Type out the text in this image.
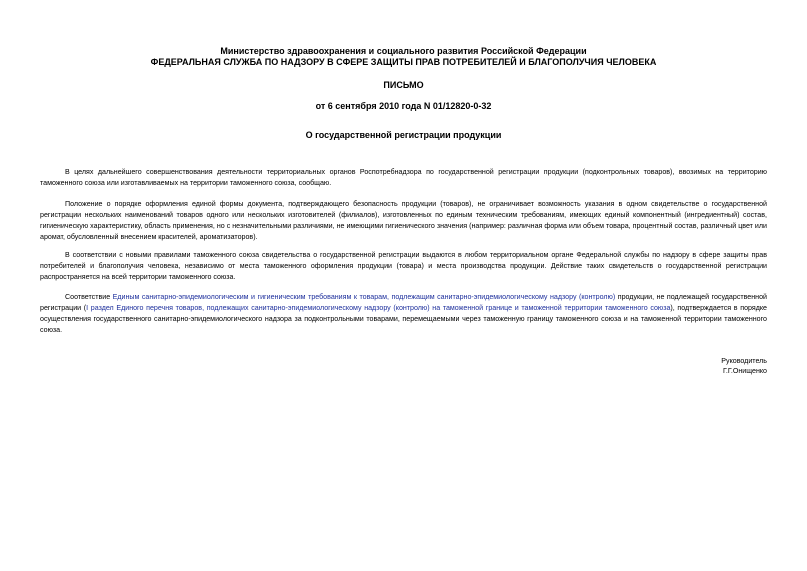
Министерство здравоохранения и социального развития Российской Федерации
ФЕДЕРАЛЬНАЯ СЛУЖБА ПО НАДЗОРУ В СФЕРЕ ЗАЩИТЫ ПРАВ ПОТРЕБИТЕЛЕЙ И БЛАГОПОЛУЧИЯ ЧЕЛОВЕКА
ПИСЬМО
от 6 сентября 2010 года N 01/12820-0-32
О государственной регистрации продукции

В целях дальнейшего совершенствования деятельности территориальных органов Роспотребнадзора по государственной регистрации продукции (подконтрольных товаров), ввозимых на территорию таможенного союза или изготавливаемых на территории таможенного союза, сообщаю.

Положение о порядке оформления единой формы документа, подтверждающего безопасность продукции (товаров), не ограничивает возможность указания в одном свидетельстве о государственной регистрации нескольких наименований товаров одного или нескольких изготовителей (филиалов), изготовленных по единым техническим требованиям, имеющих единый компонентный (ингредиентный) состав, гигиеническую характеристику, область применения, но с незначительными различиями, не имеющими гигиенического значения (например: различная форма или объем товара, процентный состав, различный цвет или аромат, обусловленный внесением красителей, ароматизаторов).

В соответствии с новыми правилами таможенного союза свидетельства о государственной регистрации выдаются в любом территориальном органе Федеральной службы по надзору в сфере защиты прав потребителей и благополучия человека, независимо от места таможенного оформления продукции (товара) и места производства продукции. Действие таких свидетельств о государственной регистрации распространяется на всей территории таможенного союза.

Соответствие Единым санитарно-эпидемиологическим и гигиеническим требованиям к товарам, подлежащим санитарно-эпидемиологическому надзору (контролю) продукции, не подлежащей государственной регистрации (I раздел Единого перечня товаров, подлежащих санитарно-эпидемиологическому надзору (контролю) на таможенной границе и таможенной территории таможенного союза), подтверждается в порядке осуществления государственного санитарно-эпидемиологического надзора за подконтрольными товарами, перемещаемыми через таможенную границу таможенного союза и на таможенной территории таможенного союза.

Руководитель
Г.Г.Онищенко
